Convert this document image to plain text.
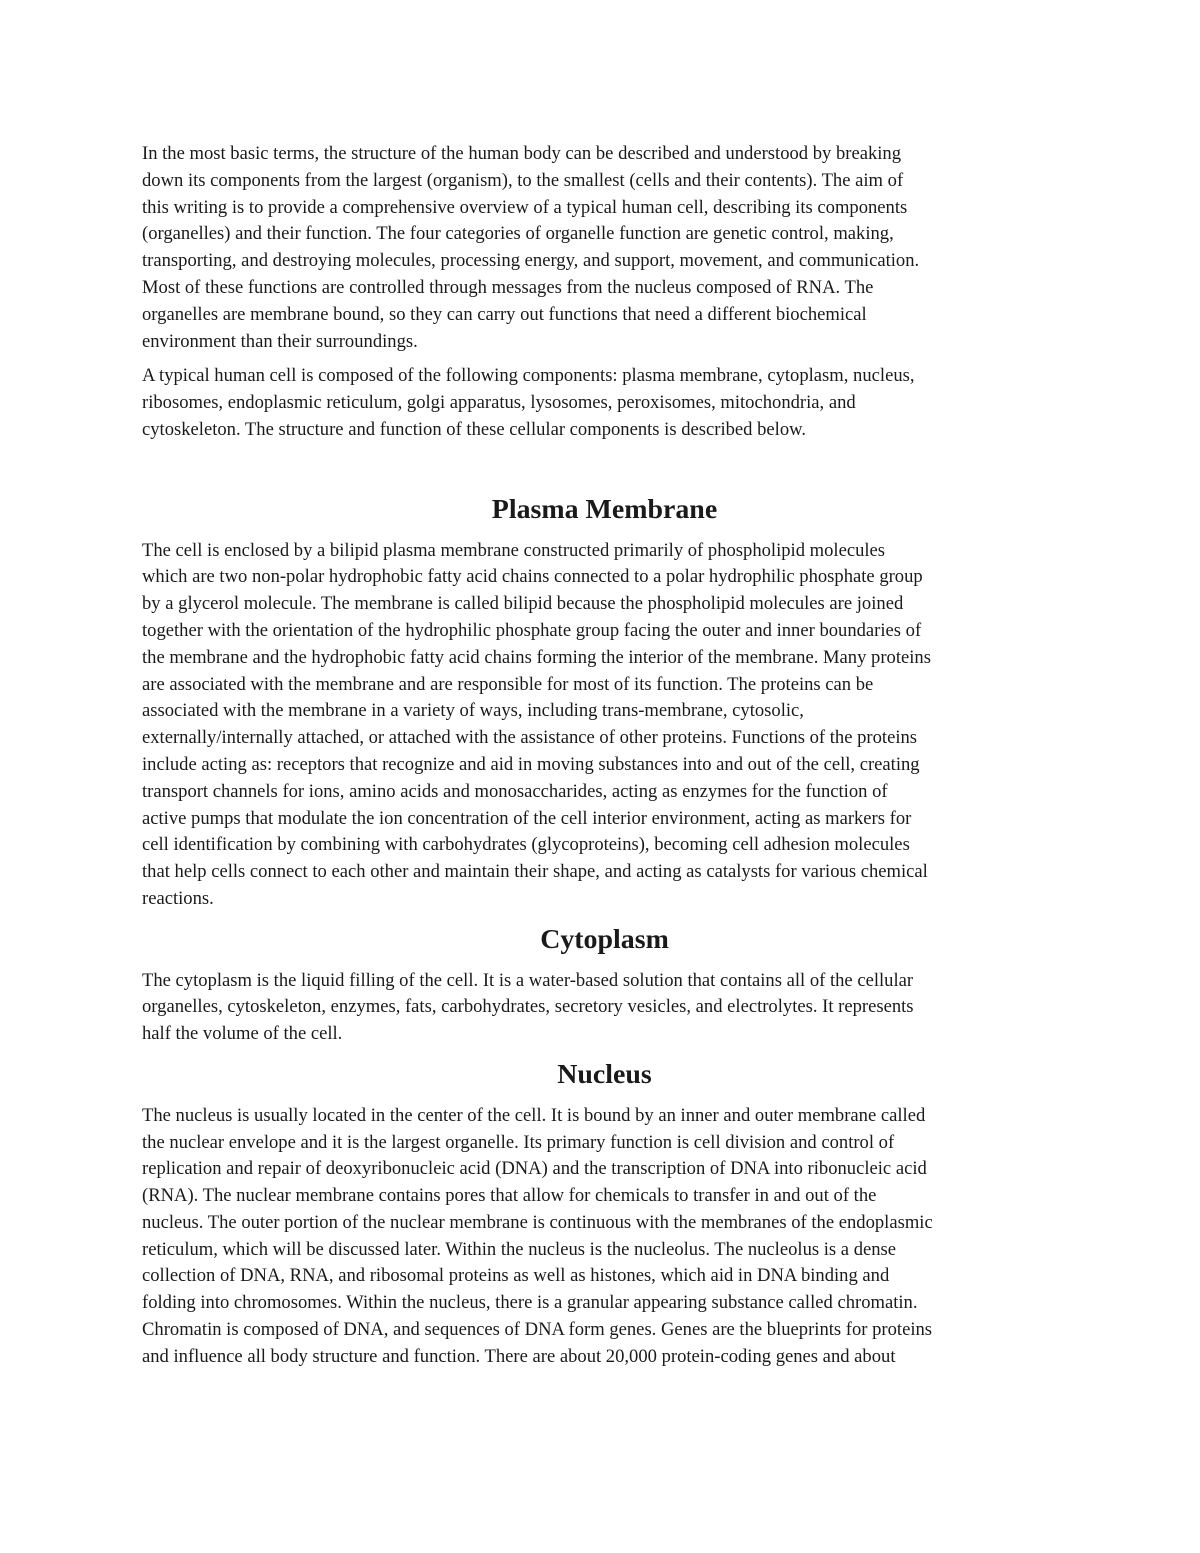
In the most basic terms, the structure of the human body can be described and understood by breaking
down its components from the largest (organism), to the smallest (cells and their contents). The aim of
this writing is to provide a comprehensive overview of a typical human cell, describing its components
(organelles) and their function. The four categories of organelle function are genetic control, making,
transporting, and destroying molecules, processing energy, and support, movement, and communication.
Most of these functions are controlled through messages from the nucleus composed of RNA. The
organelles are membrane bound, so they can carry out functions that need a different biochemical
environment than their surroundings.
A typical human cell is composed of the following components: plasma membrane, cytoplasm, nucleus,
ribosomes, endoplasmic reticulum, golgi apparatus, lysosomes, peroxisomes, mitochondria, and
cytoskeleton. The structure and function of these cellular components is described below.
Plasma Membrane
The cell is enclosed by a bilipid plasma membrane constructed primarily of phospholipid molecules
which are two non-polar hydrophobic fatty acid chains connected to a polar hydrophilic phosphate group
by a glycerol molecule. The membrane is called bilipid because the phospholipid molecules are joined
together with the orientation of the hydrophilic phosphate group facing the outer and inner boundaries of
the membrane and the hydrophobic fatty acid chains forming the interior of the membrane. Many proteins
are associated with the membrane and are responsible for most of its function. The proteins can be
associated with the membrane in a variety of ways, including trans-membrane, cytosolic,
externally/internally attached, or attached with the assistance of other proteins. Functions of the proteins
include acting as: receptors that recognize and aid in moving substances into and out of the cell, creating
transport channels for ions, amino acids and monosaccharides, acting as enzymes for the function of
active pumps that modulate the ion concentration of the cell interior environment, acting as markers for
cell identification by combining with carbohydrates (glycoproteins), becoming cell adhesion molecules
that help cells connect to each other and maintain their shape, and acting as catalysts for various chemical
reactions.
Cytoplasm
The cytoplasm is the liquid filling of the cell. It is a water-based solution that contains all of the cellular
organelles, cytoskeleton, enzymes, fats, carbohydrates, secretory vesicles, and electrolytes. It represents
half the volume of the cell.
Nucleus
The nucleus is usually located in the center of the cell. It is bound by an inner and outer membrane called
the nuclear envelope and it is the largest organelle. Its primary function is cell division and control of
replication and repair of deoxyribonucleic acid (DNA) and the transcription of DNA into ribonucleic acid
(RNA). The nuclear membrane contains pores that allow for chemicals to transfer in and out of the
nucleus. The outer portion of the nuclear membrane is continuous with the membranes of the endoplasmic
reticulum, which will be discussed later. Within the nucleus is the nucleolus. The nucleolus is a dense
collection of DNA, RNA, and ribosomal proteins as well as histones, which aid in DNA binding and
folding into chromosomes. Within the nucleus, there is a granular appearing substance called chromatin.
Chromatin is composed of DNA, and sequences of DNA form genes. Genes are the blueprints for proteins
and influence all body structure and function. There are about 20,000 protein-coding genes and about
